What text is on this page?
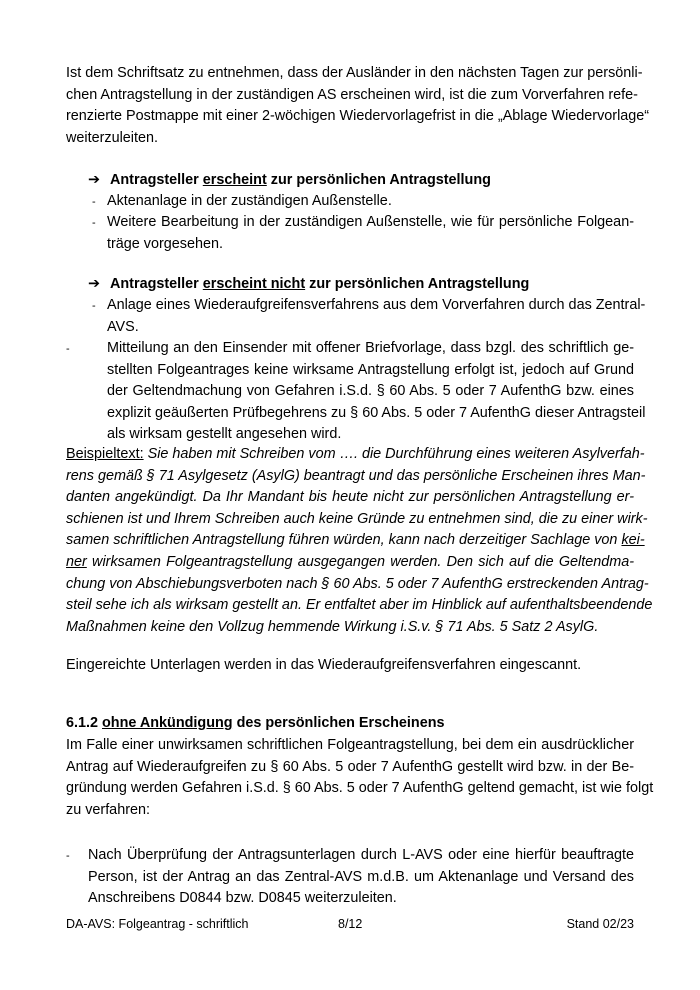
Ist dem Schriftsatz zu entnehmen, dass der Ausländer in den nächsten Tagen zur persönli-
chen Antragstellung in der zuständigen AS erscheinen wird, ist die zum Vorverfahren refe-
renzierte Postmappe mit einer 2-wöchigen Wiedervorlagefrist in die „Ablage Wiedervorlage“
weiterzuleiten.
➔ Antragsteller erscheint zur persönlichen Antragstellung
- Aktenanlage in der zuständigen Außenstelle.
- Weitere Bearbeitung in der zuständigen Außenstelle, wie für persönliche Folgean-
träge vorgesehen.
➔ Antragsteller erscheint nicht zur persönlichen Antragstellung
- Anlage eines Wiederaufgreifensverfahrens aus dem Vorverfahren durch das Zentral-
AVS.
-	Mitteilung an den Einsender mit offener Briefvorlage, dass bzgl. des schriftlich ge-
stellten Folgeantrages keine wirksame Antragstellung erfolgt ist, jedoch auf Grund
der Geltendmachung von Gefahren i.S.d. § 60 Abs. 5 oder 7 AufenthG bzw. eines
explizit geäußerten Prüfbegehrens zu § 60 Abs. 5 oder 7 AufenthG dieser Antragsteil
als wirksam gestellt angesehen wird.
Beispieltext: Sie haben mit Schreiben vom …. die Durchführung eines weiteren Asylverfah-
rens gemäß § 71 Asylgesetz (AsylG) beantragt und das persönliche Erscheinen ihres Man-
danten angekündigt. Da Ihr Mandant bis heute nicht zur persönlichen Antragstellung er-
schienen ist und Ihrem Schreiben auch keine Gründe zu entnehmen sind, die zu einer wirk-
samen schriftlichen Antragstellung führen würden, kann nach derzeitiger Sachlage von kei-
ner wirksamen Folgeantragstellung ausgegangen werden. Den sich auf die Geltendma-
chung von Abschiebungsverboten nach § 60 Abs. 5 oder 7 AufenthG erstreckenden Antrag-
steil sehe ich als wirksam gestellt an. Er entfaltet aber im Hinblick auf aufenthaltsbeendende
Maßnahmen keine den Vollzug hemmende Wirkung i.S.v. § 71 Abs. 5 Satz 2 AsylG.
Eingereichte Unterlagen werden in das Wiederaufgreifensverfahren eingescannt.
6.1.2 ohne Ankündigung des persönlichen Erscheinens
Im Falle einer unwirksamen schriftlichen Folgeantragstellung, bei dem ein ausdrücklicher
Antrag auf Wiederaufgreifen zu § 60 Abs. 5 oder 7 AufenthG gestellt wird bzw. in der Be-
gründung werden Gefahren i.S.d. § 60 Abs. 5 oder 7 AufenthG geltend gemacht, ist wie folgt
zu verfahren:
- Nach Überprüfung der Antragsunterlagen durch L-AVS oder eine hierfür beauftragte
Person, ist der Antrag an das Zentral-AVS m.d.B. um Aktenanlage und Versand des
Anschreibens D0844 bzw. D0845 weiterzuleiten.
DA-AVS: Folgeantrag - schriftlich	8/12	Stand 02/23
